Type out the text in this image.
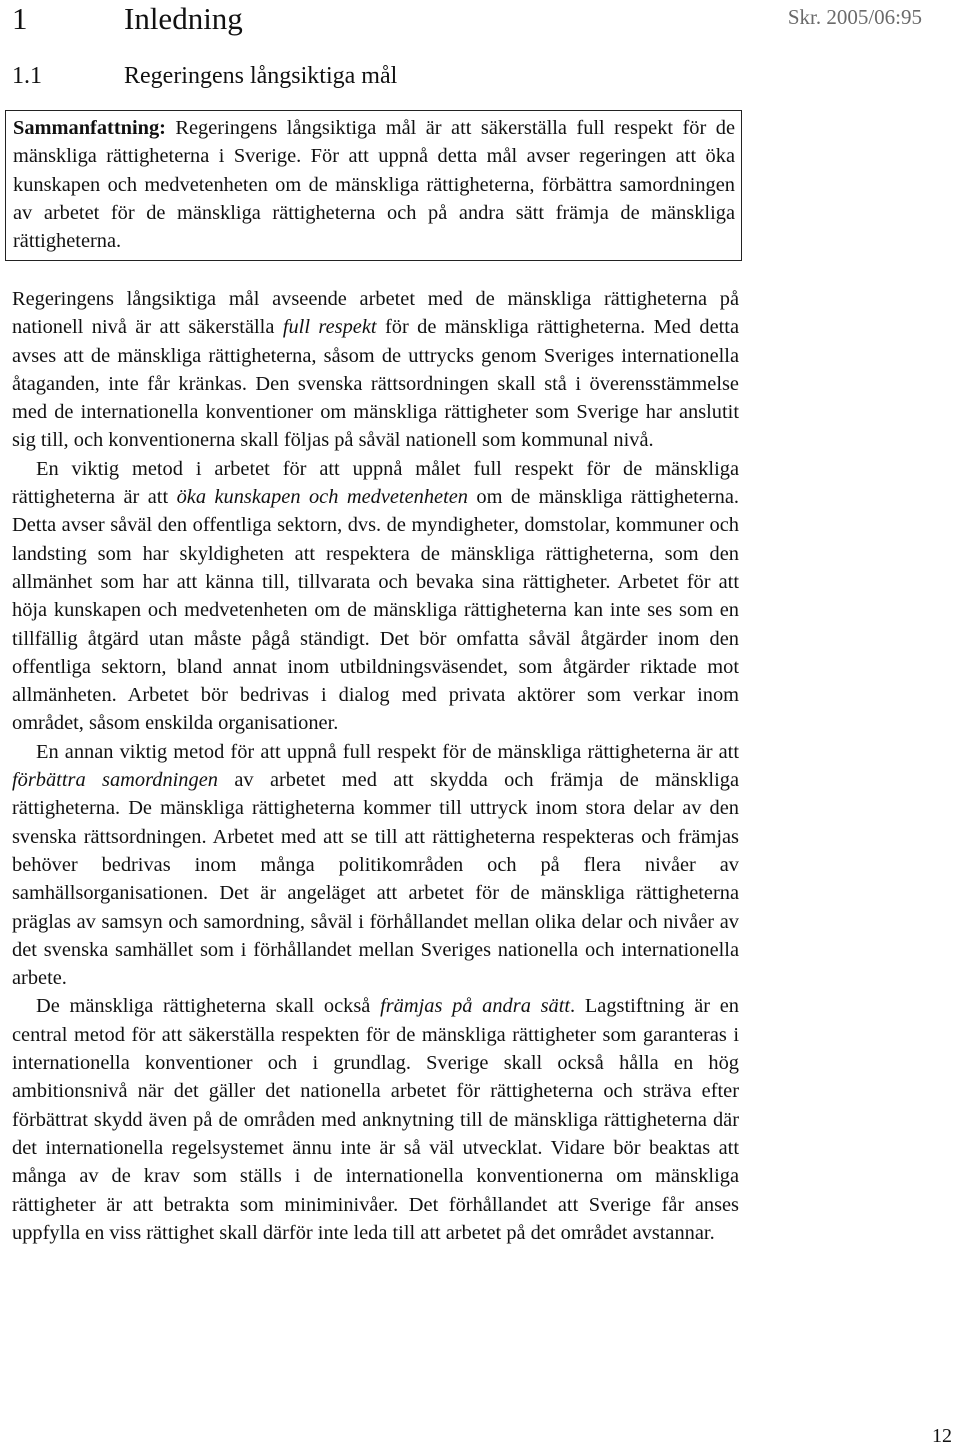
1	Inledning	Skr. 2005/06:95
1.1	Regeringens långsiktiga mål
Sammanfattning: Regeringens långsiktiga mål är att säkerställa full respekt för de mänskliga rättigheterna i Sverige. För att uppnå detta mål avser regeringen att öka kunskapen och medvetenheten om de mänskliga rättigheterna, förbättra samordningen av arbetet för de mänskliga rättigheterna och på andra sätt främja de mänskliga rättigheterna.

Regeringens långsiktiga mål avseende arbetet med de mänskliga rättigheterna på nationell nivå är att säkerställa full respekt för de mänskliga rättigheterna. Med detta avses att de mänskliga rättigheterna, såsom de uttrycks genom Sveriges internationella åtaganden, inte får kränkas. Den svenska rättsordningen skall stå i överensstämmelse med de internationella konventioner om mänskliga rättigheter som Sverige har anslutit sig till, och konventionerna skall följas på såväl nationell som kommunal nivå.

En viktig metod i arbetet för att uppnå målet full respekt för de mänskliga rättigheterna är att öka kunskapen och medvetenheten om de mänskliga rättigheterna. Detta avser såväl den offentliga sektorn, dvs. de myndigheter, domstolar, kommuner och landsting som har skyldigheten att respektera de mänskliga rättigheterna, som den allmänhet som har att känna till, tillvarata och bevaka sina rättigheter. Arbetet för att höja kunskapen och medvetenheten om de mänskliga rättigheterna kan inte ses som en tillfällig åtgärd utan måste pågå ständigt. Det bör omfatta såväl åtgärder inom den offentliga sektorn, bland annat inom utbildningsväsendet, som åtgärder riktade mot allmänheten. Arbetet bör bedrivas i dialog med privata aktörer som verkar inom området, såsom enskilda organisationer.

En annan viktig metod för att uppnå full respekt för de mänskliga rättigheterna är att förbättra samordningen av arbetet med att skydda och främja de mänskliga rättigheterna. De mänskliga rättigheterna kommer till uttryck inom stora delar av den svenska rättsordningen. Arbetet med att se till att rättigheterna respekteras och främjas behöver bedrivas inom många politikområden och på flera nivåer av samhällsorganisationen. Det är angeläget att arbetet för de mänskliga rättigheterna präglas av samsyn och samordning, såväl i förhållandet mellan olika delar och nivåer av det svenska samhället som i förhållandet mellan Sveriges nationella och internationella arbete.

De mänskliga rättigheterna skall också främjas på andra sätt. Lagstiftning är en central metod för att säkerställa respekten för de mänskliga rättigheter som garanteras i internationella konventioner och i grundlag. Sverige skall också hålla en hög ambitionsnivå när det gäller det nationella arbetet för rättigheterna och sträva efter förbättrat skydd även på de områden med anknytning till de mänskliga rättigheterna där det internationella regelsystemet ännu inte är så väl utvecklat. Vidare bör beaktas att många av de krav som ställs i de internationella konventionerna om mänskliga rättigheter är att betrakta som miniminivåer. Det förhållandet att Sverige får anses uppfylla en viss rättighet skall därför inte leda till att arbetet på det området avstannar.

12
